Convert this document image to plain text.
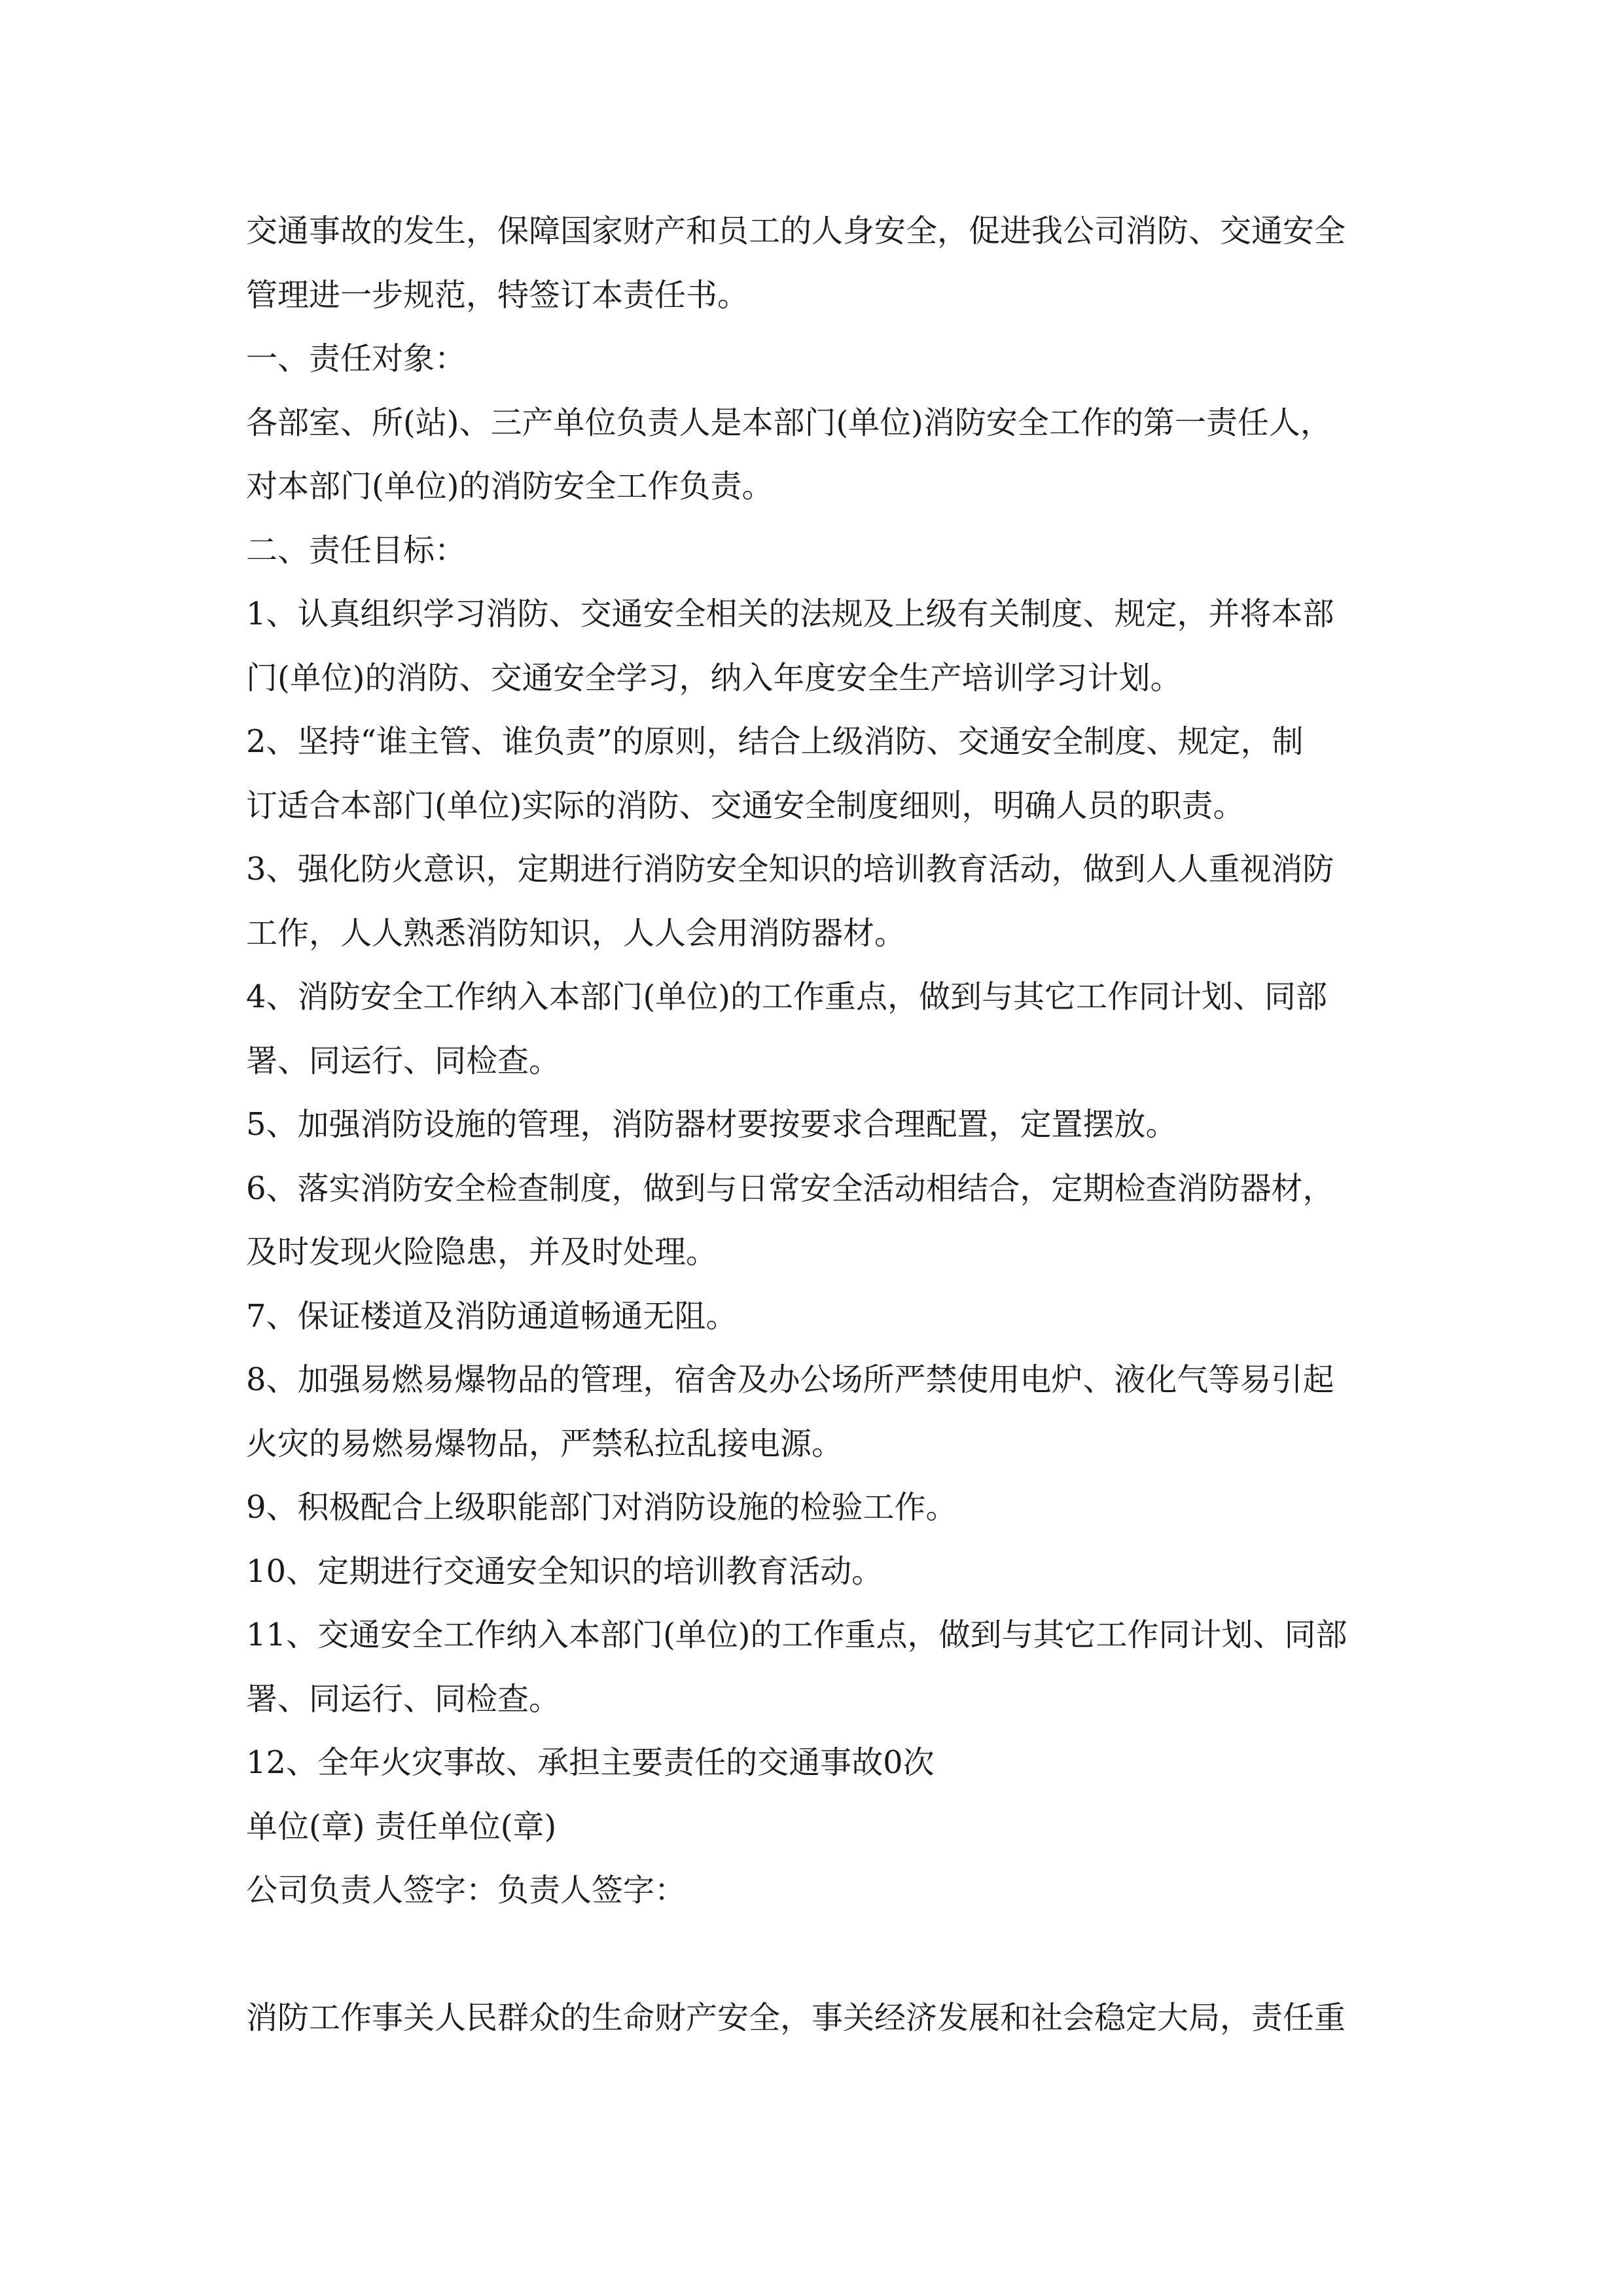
交通事故的发生，保障国家财产和员工的人身安全，促进我公司消防、交通安全
管理进一步规范，特签订本责任书。
一、责任对象：
各部室、所(站)、三产单位负责人是本部门(单位)消防安全工作的第一责任人，
对本部门(单位)的消防安全工作负责。
二、责任目标：
1、认真组织学习消防、交通安全相关的法规及上级有关制度、规定，并将本部
门(单位)的消防、交通安全学习，纳入年度安全生产培训学习计划。
2、坚持“谁主管、谁负责”的原则，结合上级消防、交通安全制度、规定，制
订适合本部门(单位)实际的消防、交通安全制度细则，明确人员的职责。
3、强化防火意识，定期进行消防安全知识的培训教育活动，做到人人重视消防
工作，人人熟悉消防知识，人人会用消防器材。
4、消防安全工作纳入本部门(单位)的工作重点，做到与其它工作同计划、同部
署、同运行、同检查。
5、加强消防设施的管理，消防器材要按要求合理配置，定置摆放。
6、落实消防安全检查制度，做到与日常安全活动相结合，定期检查消防器材，
及时发现火险隐患，并及时处理。
7、保证楼道及消防通道畅通无阻。
8、加强易燃易爆物品的管理，宿舍及办公场所严禁使用电炉、液化气等易引起
火灾的易燃易爆物品，严禁私拉乱接电源。
9、积极配合上级职能部门对消防设施的检验工作。
10、定期进行交通安全知识的培训教育活动。
11、交通安全工作纳入本部门(单位)的工作重点，做到与其它工作同计划、同部
署、同运行、同检查。
12、全年火灾事故、承担主要责任的交通事故0次
单位(章) 责任单位(章)
公司负责人签字：负责人签字：
消防工作事关人民群众的生命财产安全，事关经济发展和社会稳定大局，责任重
